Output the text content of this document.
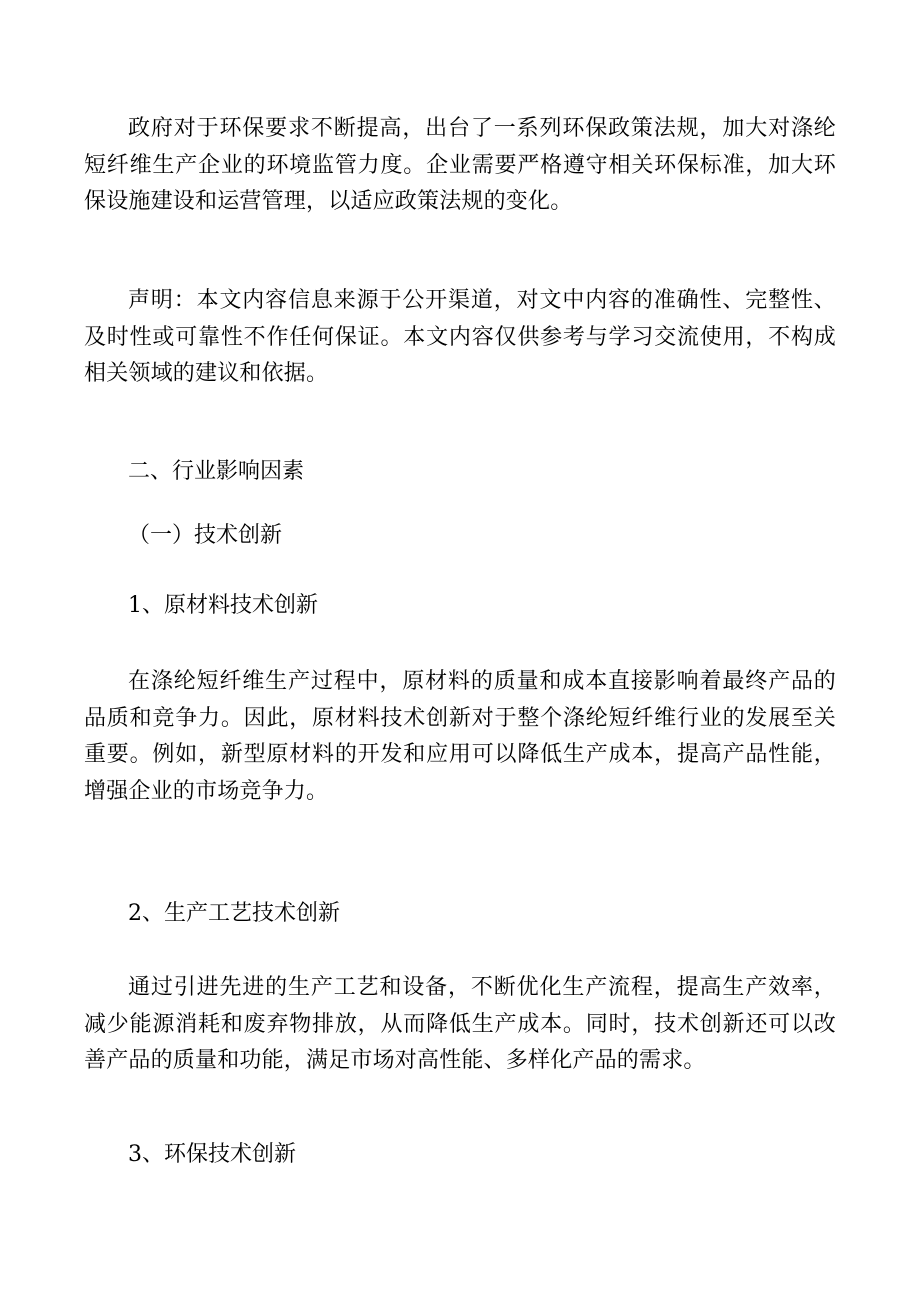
政府对于环保要求不断提高，出台了一系列环保政策法规，加大对涤纶短纤维生产企业的环境监管力度。企业需要严格遵守相关环保标准，加大环保设施建设和运营管理，以适应政策法规的变化。

声明：本文内容信息来源于公开渠道，对文中内容的准确性、完整性、及时性或可靠性不作任何保证。本文内容仅供参考与学习交流使用，不构成相关领域的建议和依据。

二、行业影响因素

（一）技术创新

1、原材料技术创新

在涤纶短纤维生产过程中，原材料的质量和成本直接影响着最终产品的品质和竞争力。因此，原材料技术创新对于整个涤纶短纤维行业的发展至关重要。例如，新型原材料的开发和应用可以降低生产成本，提高产品性能，增强企业的市场竞争力。

2、生产工艺技术创新

通过引进先进的生产工艺和设备，不断优化生产流程，提高生产效率，减少能源消耗和废弃物排放，从而降低生产成本。同时，技术创新还可以改善产品的质量和功能，满足市场对高性能、多样化产品的需求。

3、环保技术创新
